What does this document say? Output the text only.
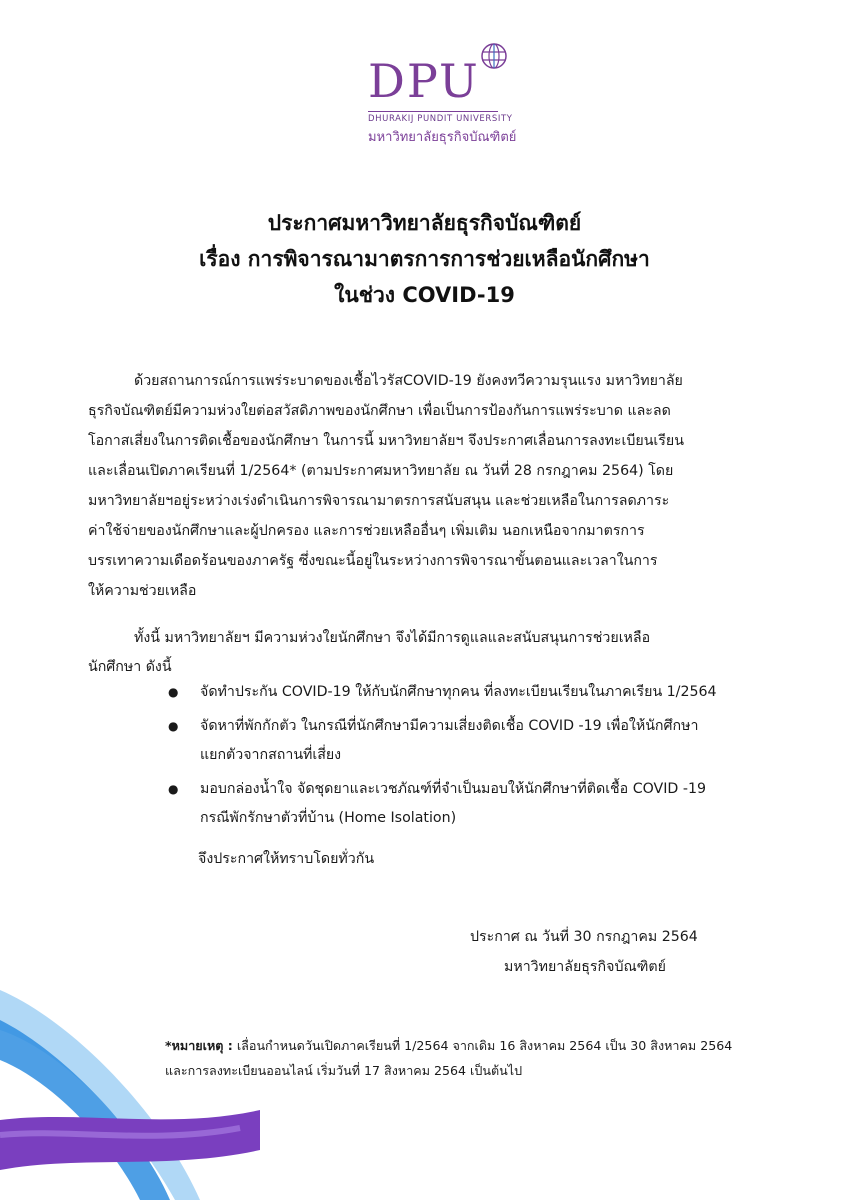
DPU
DHURAKIJ PUNDIT UNIVERSITY
มหาวิทยาลัยธุรกิจบัณฑิตย์
ประกาศมหาวิทยาลัยธุรกิจบัณฑิตย์
เรื่อง การพิจารณามาตรการการช่วยเหลือนักศึกษา
ในช่วง COVID-19
ด้วยสถานการณ์การแพร่ระบาดของเชื้อไวรัสCOVID-19 ยังคงทวีความรุนแรง มหาวิทยาลัย
ธุรกิจบัณฑิตย์มีความห่วงใยต่อสวัสดิภาพของนักศึกษา เพื่อเป็นการป้องกันการแพร่ระบาด และลด
โอกาสเสี่ยงในการติดเชื้อของนักศึกษา ในการนี้ มหาวิทยาลัยฯ จึงประกาศเลื่อนการลงทะเบียนเรียน
และเลื่อนเปิดภาคเรียนที่ 1/2564* (ตามประกาศมหาวิทยาลัย ณ วันที่ 28 กรกฎาคม 2564) โดย
มหาวิทยาลัยฯอยู่ระหว่างเร่งดำเนินการพิจารณามาตรการสนับสนุน และช่วยเหลือในการลดภาระ
ค่าใช้จ่ายของนักศึกษาและผู้ปกครอง และการช่วยเหลืออื่นๆ เพิ่มเติม นอกเหนือจากมาตรการ
บรรเทาความเดือดร้อนของภาครัฐ ซึ่งขณะนี้อยู่ในระหว่างการพิจารณาขั้นตอนและเวลาในการ
ให้ความช่วยเหลือ
ทั้งนี้ มหาวิทยาลัยฯ มีความห่วงใยนักศึกษา จึงได้มีการดูแลและสนับสนุนการช่วยเหลือ
นักศึกษา ดังนี้
● จัดทำประกัน COVID-19 ให้กับนักศึกษาทุกคน ที่ลงทะเบียนเรียนในภาคเรียน 1/2564
● จัดหาที่พักกักตัว ในกรณีที่นักศึกษามีความเสี่ยงติดเชื้อ COVID -19 เพื่อให้นักศึกษา
แยกตัวจากสถานที่เสี่ยง
● มอบกล่องน้ำใจ จัดชุดยาและเวชภัณฑ์ที่จำเป็นมอบให้นักศึกษาที่ติดเชื้อ COVID -19
กรณีพักรักษาตัวที่บ้าน (Home Isolation)
จึงประกาศให้ทราบโดยทั่วกัน
ประกาศ ณ วันที่ 30 กรกฎาคม 2564
มหาวิทยาลัยธุรกิจบัณฑิตย์
*หมายเหตุ : เลื่อนกำหนดวันเปิดภาคเรียนที่ 1/2564 จากเดิม 16 สิงหาคม 2564 เป็น 30 สิงหาคม 2564
และการลงทะเบียนออนไลน์ เริ่มวันที่ 17 สิงหาคม 2564 เป็นต้นไป
